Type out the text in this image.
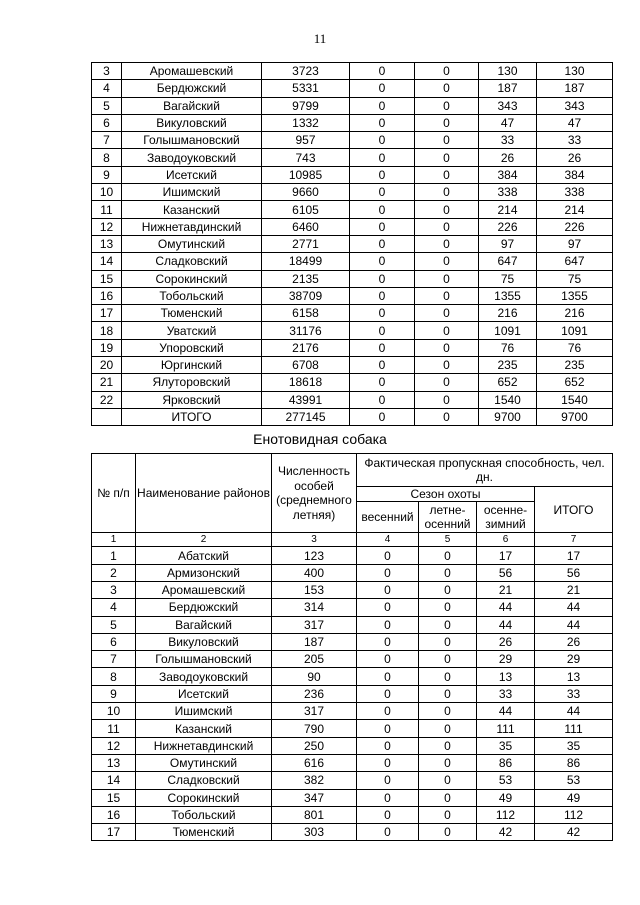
11
3	Аромашевский	3723	0	0	130	130
4	Бердюжский	5331	0	0	187	187
5	Вагайский	9799	0	0	343	343
6	Викуловский	1332	0	0	47	47
7	Голышмановский	957	0	0	33	33
8	Заводоуковский	743	0	0	26	26
9	Исетский	10985	0	0	384	384
10	Ишимский	9660	0	0	338	338
11	Казанский	6105	0	0	214	214
12	Нижнетавдинский	6460	0	0	226	226
13	Омутинский	2771	0	0	97	97
14	Сладковский	18499	0	0	647	647
15	Сорокинский	2135	0	0	75	75
16	Тобольский	38709	0	0	1355	1355
17	Тюменский	6158	0	0	216	216
18	Уватский	31176	0	0	1091	1091
19	Упоровский	2176	0	0	76	76
20	Юргинский	6708	0	0	235	235
21	Ялуторовский	18618	0	0	652	652
22	Ярковский	43991	0	0	1540	1540
	ИТОГО	277145	0	0	9700	9700
Енотовидная собака
№ п/п	Наименование районов	Численность особей (среднемного летняя)	Фактическая пропускная способность, чел. дн.			
			Сезон охоты			ИТОГО
			весенний	летне-осенний	осенне-зимний	
1	2	3	4	5	6	7
1	Абатский	123	0	0	17	17
2	Армизонский	400	0	0	56	56
3	Аромашевский	153	0	0	21	21
4	Бердюжский	314	0	0	44	44
5	Вагайский	317	0	0	44	44
6	Викуловский	187	0	0	26	26
7	Голышмановский	205	0	0	29	29
8	Заводоуковский	90	0	0	13	13
9	Исетский	236	0	0	33	33
10	Ишимский	317	0	0	44	44
11	Казанский	790	0	0	111	111
12	Нижнетавдинский	250	0	0	35	35
13	Омутинский	616	0	0	86	86
14	Сладковский	382	0	0	53	53
15	Сорокинский	347	0	0	49	49
16	Тобольский	801	0	0	112	112
17	Тюменский	303	0	0	42	42
